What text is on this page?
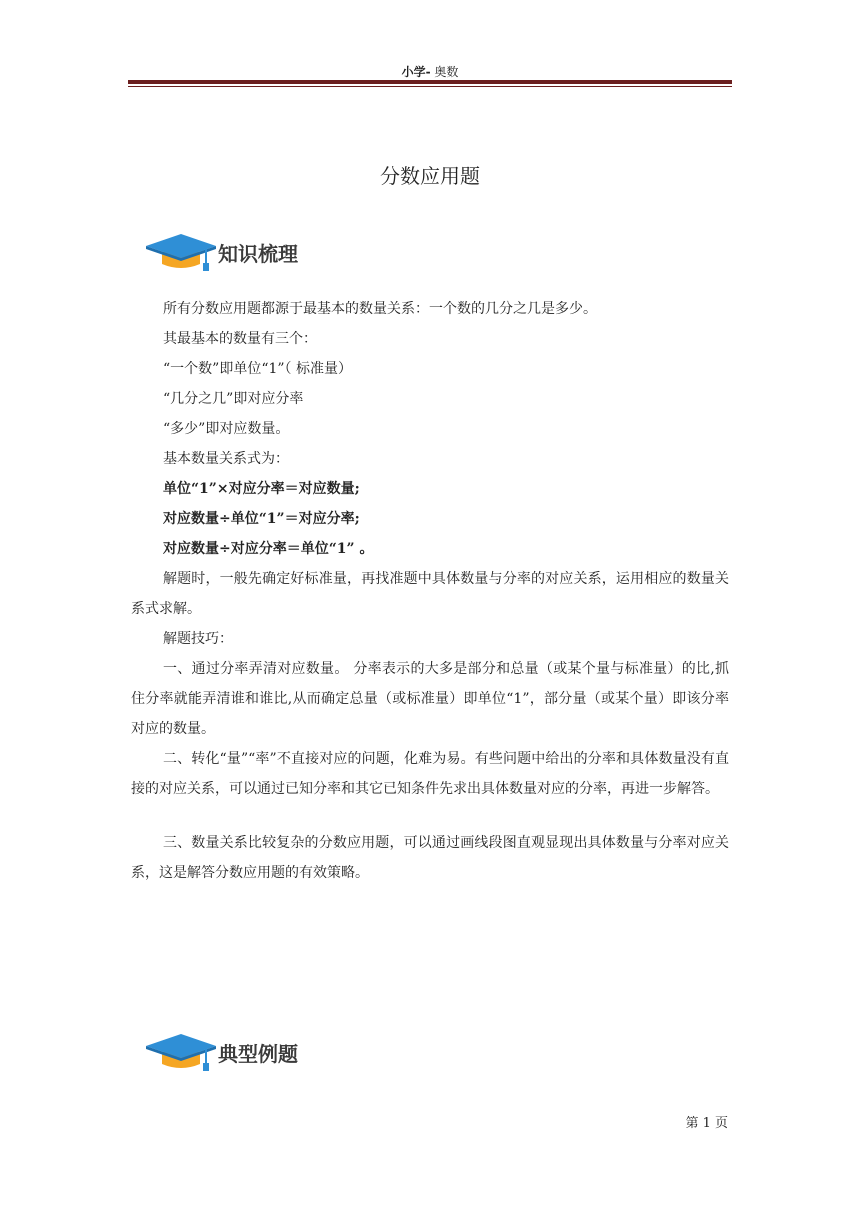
小学- 奥数
分数应用题
知识梳理
所有分数应用题都源于最基本的数量关系：一个数的几分之几是多少。
其最基本的数量有三个：
“一个数”即单位“1”（ 标准量）
“几分之几”即对应分率
“多少”即对应数量。
基本数量关系式为：
单位“1”×对应分率＝对应数量;
对应数量÷单位“1”＝对应分率;
对应数量÷对应分率＝单位“1” 。
解题时，一般先确定好标准量，再找准题中具体数量与分率的对应关系，运用相应的数量关系式求解。
解题技巧：
一、通过分率弄清对应数量。 分率表示的大多是部分和总量（或某个量与标准量）的比,抓住分率就能弄清谁和谁比,从而确定总量（或标准量）即单位“1”，部分量（或某个量）即该分率对应的数量。
二、转化“量”“率”不直接对应的问题，化难为易。有些问题中给出的分率和具体数量没有直接的对应关系，可以通过已知分率和其它已知条件先求出具体数量对应的分率，再进一步解答。
三、数量关系比较复杂的分数应用题，可以通过画线段图直观显现出具体数量与分率对应关系，这是解答分数应用题的有效策略。
典型例题
第 1 页
